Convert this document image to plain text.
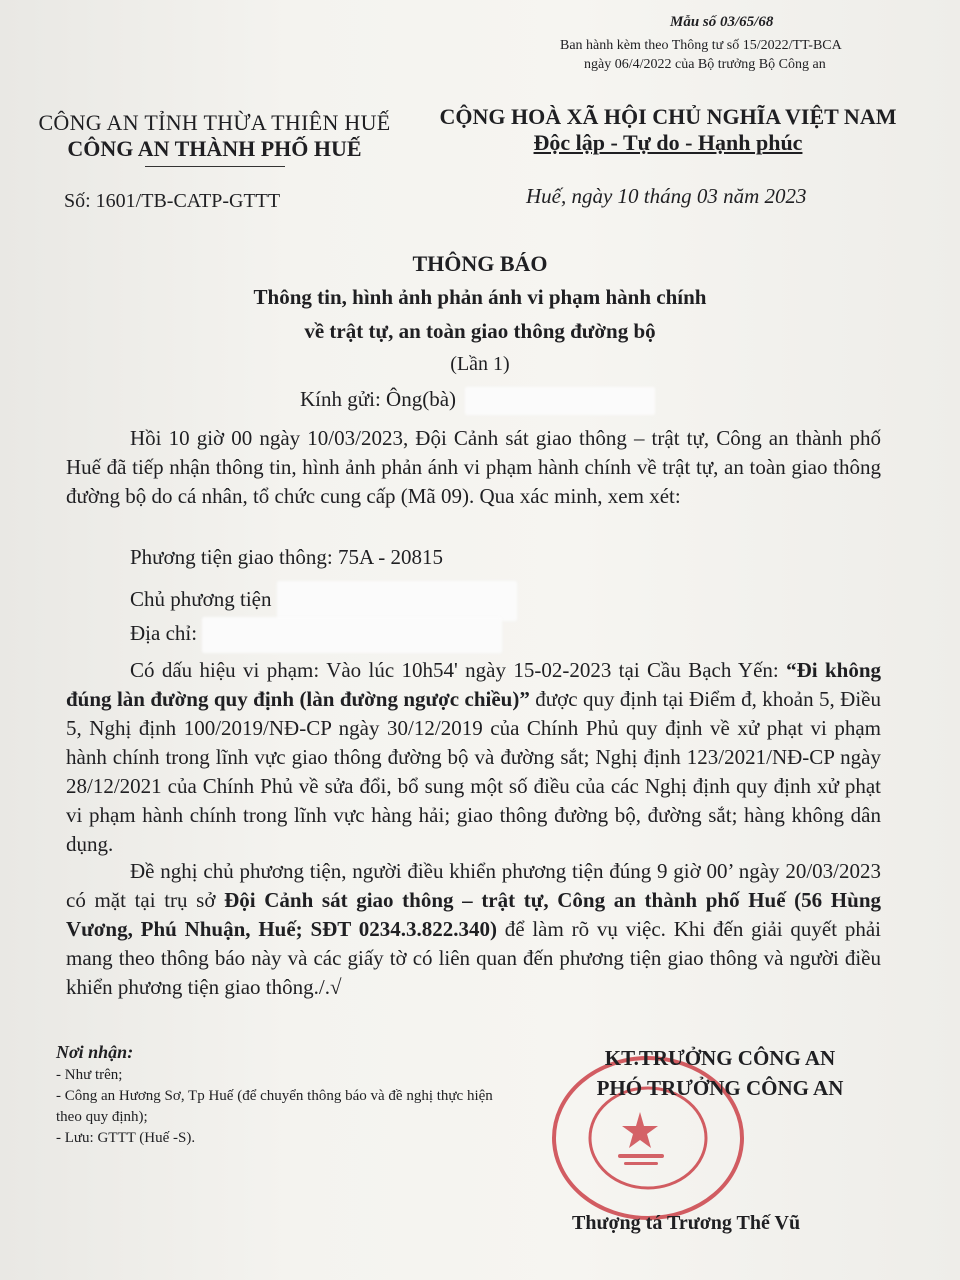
Mẫu số 03/65/68
Ban hành kèm theo Thông tư số 15/2022/TT-BCA
ngày 06/4/2022 của Bộ trưởng Bộ Công an
CÔNG AN TỈNH THỪA THIÊN HUẾ
CÔNG AN THÀNH PHỐ HUẾ
CỘNG HOÀ XÃ HỘI CHỦ NGHĨA VIỆT NAM
Độc lập - Tự do - Hạnh phúc
Số: 1601/TB-CATP-GTTT	Huế, ngày 10 tháng 03 năm 2023
THÔNG BÁO
Thông tin, hình ảnh phản ánh vi phạm hành chính
về trật tự, an toàn giao thông đường bộ
(Lần 1)
Kính gửi: Ông(bà)

Hồi 10 giờ 00 ngày 10/03/2023, Đội Cảnh sát giao thông – trật tự, Công an thành phố Huế đã tiếp nhận thông tin, hình ảnh phản ánh vi phạm hành chính về trật tự, an toàn giao thông đường bộ do cá nhân, tổ chức cung cấp (Mã 09). Qua xác minh, xem xét:

Phương tiện giao thông: 75A - 20815
Chủ phương tiện
Địa chỉ:

Có dấu hiệu vi phạm: Vào lúc 10h54' ngày 15-02-2023 tại Cầu Bạch Yến: “Đi không đúng làn đường quy định (làn đường ngược chiều)” được quy định tại Điểm đ, khoản 5, Điều 5, Nghị định 100/2019/NĐ-CP ngày 30/12/2019 của Chính Phủ quy định về xử phạt vi phạm hành chính trong lĩnh vực giao thông đường bộ và đường sắt; Nghị định 123/2021/NĐ-CP ngày 28/12/2021 của Chính Phủ về sửa đổi, bổ sung một số điều của các Nghị định quy định xử phạt vi phạm hành chính trong lĩnh vực hàng hải; giao thông đường bộ, đường sắt; hàng không dân dụng.

Đề nghị chủ phương tiện, người điều khiển phương tiện đúng 9 giờ 00’ ngày 20/03/2023 có mặt tại trụ sở Đội Cảnh sát giao thông – trật tự, Công an thành phố Huế (56 Hùng Vương, Phú Nhuận, Huế; SĐT 0234.3.822.340) để làm rõ vụ việc. Khi đến giải quyết phải mang theo thông báo này và các giấy tờ có liên quan đến phương tiện giao thông và người điều khiển phương tiện giao thông./.√

Nơi nhận:
- Như trên;
- Công an Hương Sơ, Tp Huế (để chuyển thông báo và đề nghị thực hiện theo quy định);
- Lưu: GTTT (Huế -S).
KT.TRƯỞNG CÔNG AN
PHÓ TRƯỞNG CÔNG AN
Thượng tá Trương Thế Vũ
